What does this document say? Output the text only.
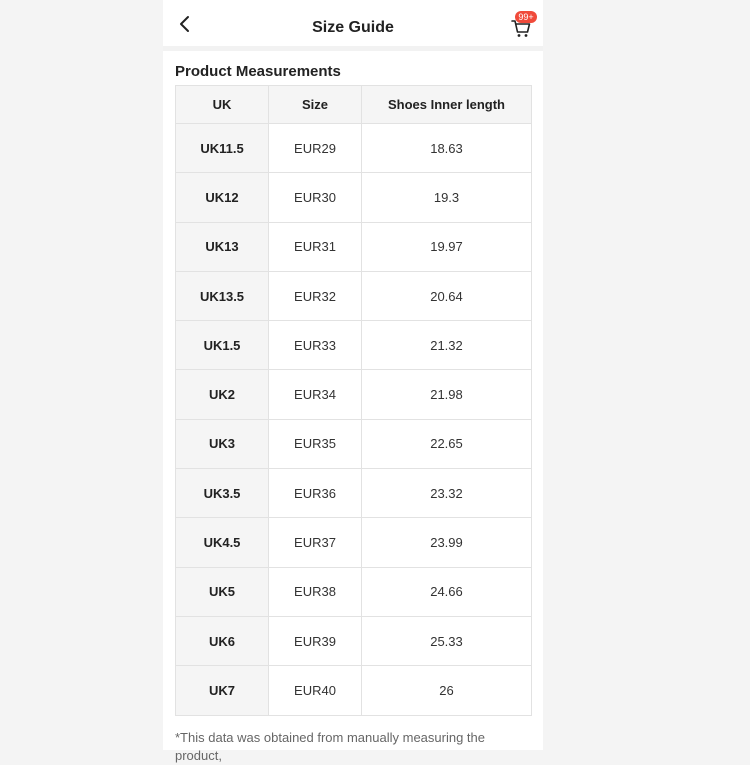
Size Guide
99+
Product Measurements
UK	Size	Shoes Inner length
UK11.5	EUR29	18.63
UK12	EUR30	19.3
UK13	EUR31	19.97
UK13.5	EUR32	20.64
UK1.5	EUR33	21.32
UK2	EUR34	21.98
UK3	EUR35	22.65
UK3.5	EUR36	23.32
UK4.5	EUR37	23.99
UK5	EUR38	24.66
UK6	EUR39	25.33
UK7	EUR40	26
*This data was obtained from manually measuring the product,
